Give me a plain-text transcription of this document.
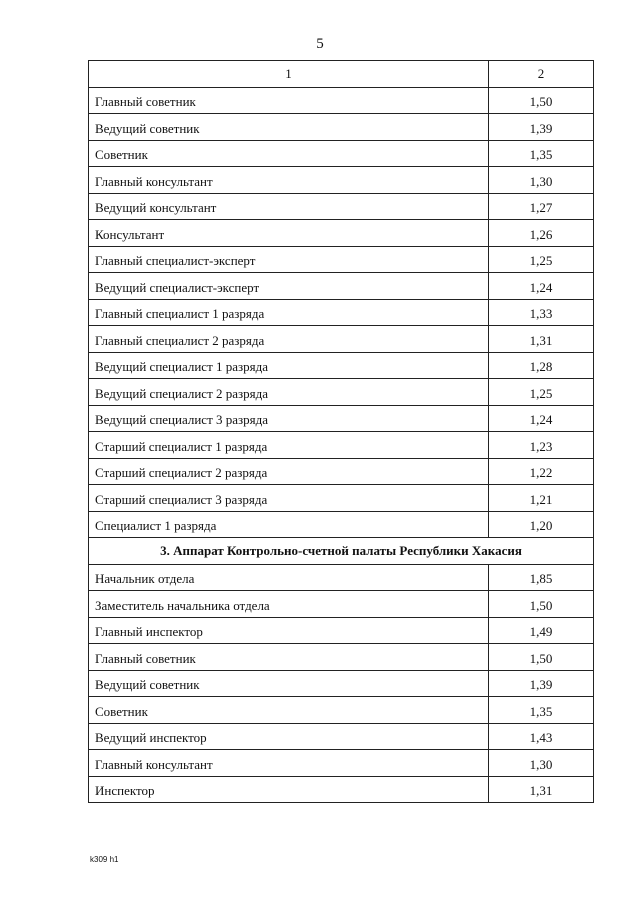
5
1	2
Главный советник	1,50
Ведущий советник	1,39
Советник	1,35
Главный консультант	1,30
Ведущий консультант	1,27
Консультант	1,26
Главный специалист-эксперт	1,25
Ведущий специалист-эксперт	1,24
Главный специалист 1 разряда	1,33
Главный специалист 2 разряда	1,31
Ведущий специалист 1 разряда	1,28
Ведущий специалист 2 разряда	1,25
Ведущий специалист 3 разряда	1,24
Старший специалист 1 разряда	1,23
Старший специалист 2 разряда	1,22
Старший специалист 3 разряда	1,21
Специалист 1 разряда	1,20
3. Аппарат Контрольно-счетной палаты Республики Хакасия	
Начальник отдела	1,85
Заместитель начальника отдела	1,50
Главный инспектор	1,49
Главный советник	1,50
Ведущий советник	1,39
Советник	1,35
Ведущий инспектор	1,43
Главный консультант	1,30
Инспектор	1,31
k309 h1
